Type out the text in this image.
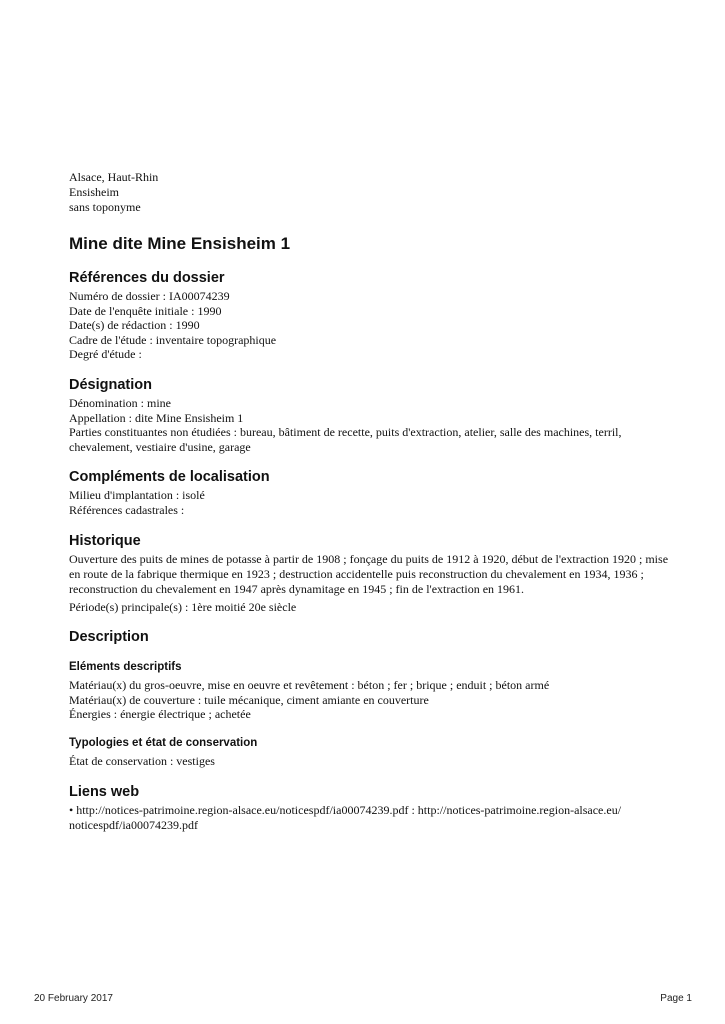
Alsace, Haut-Rhin
Ensisheim
sans toponyme
Mine dite Mine Ensisheim 1
Références du dossier
Numéro de dossier : IA00074239
Date de l'enquête initiale : 1990
Date(s) de rédaction : 1990
Cadre de l'étude : inventaire topographique
Degré d'étude :
Désignation
Dénomination : mine
Appellation : dite Mine Ensisheim 1
Parties constituantes non étudiées : bureau, bâtiment de recette, puits d'extraction, atelier, salle des machines, terril, chevalement, vestiaire d'usine, garage
Compléments de localisation
Milieu d'implantation : isolé
Références cadastrales :
Historique
Ouverture des puits de mines de potasse à partir de 1908 ; fonçage du puits de 1912 à 1920, début de l'extraction 1920 ; mise en route de la fabrique thermique en 1923 ; destruction accidentelle puis reconstruction du chevalement en 1934, 1936 ; reconstruction du chevalement en 1947 après dynamitage en 1945 ; fin de l'extraction en 1961.
Période(s) principale(s) : 1ère moitié 20e siècle
Description
Eléments descriptifs
Matériau(x) du gros-oeuvre, mise en oeuvre et revêtement : béton ; fer ; brique ; enduit ; béton armé
Matériau(x) de couverture : tuile mécanique, ciment amiante en couverture
Énergies : énergie électrique ; achetée
Typologies et état de conservation
État de conservation : vestiges
Liens web
• http://notices-patrimoine.region-alsace.eu/noticespdf/ia00074239.pdf : http://notices-patrimoine.region-alsace.eu/ noticespdf/ia00074239.pdf
20 February 2017	Page 1
